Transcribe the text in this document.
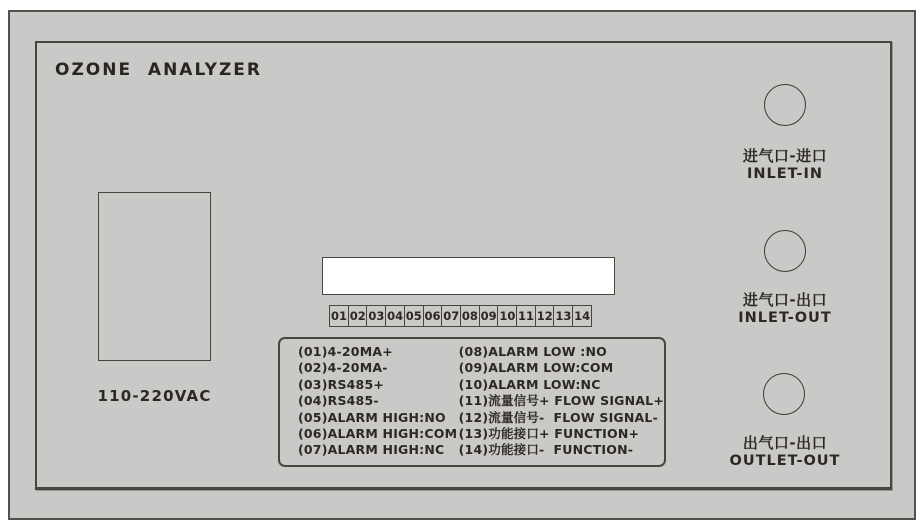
OZONE  ANALYZER
110-220VAC
01 02 03 04 05 06 07 08 09 10 11 12 13 14
(01)4-20MA+
(02)4-20MA-
(03)RS485+
(04)RS485-
(05)ALARM HIGH:NO
(06)ALARM HIGH:COM
(07)ALARM HIGH:NC
(08)ALARM LOW :NO
(09)ALARM LOW:COM
(10)ALARM LOW:NC
(11)流量信号+ FLOW SIGNAL+
(12)流量信号-  FLOW SIGNAL-
(13)功能接口+ FUNCTION+
(14)功能接口-  FUNCTION-
进气口-进口
INLET-IN
进气口-出口
INLET-OUT
出气口-出口
OUTLET-OUT
